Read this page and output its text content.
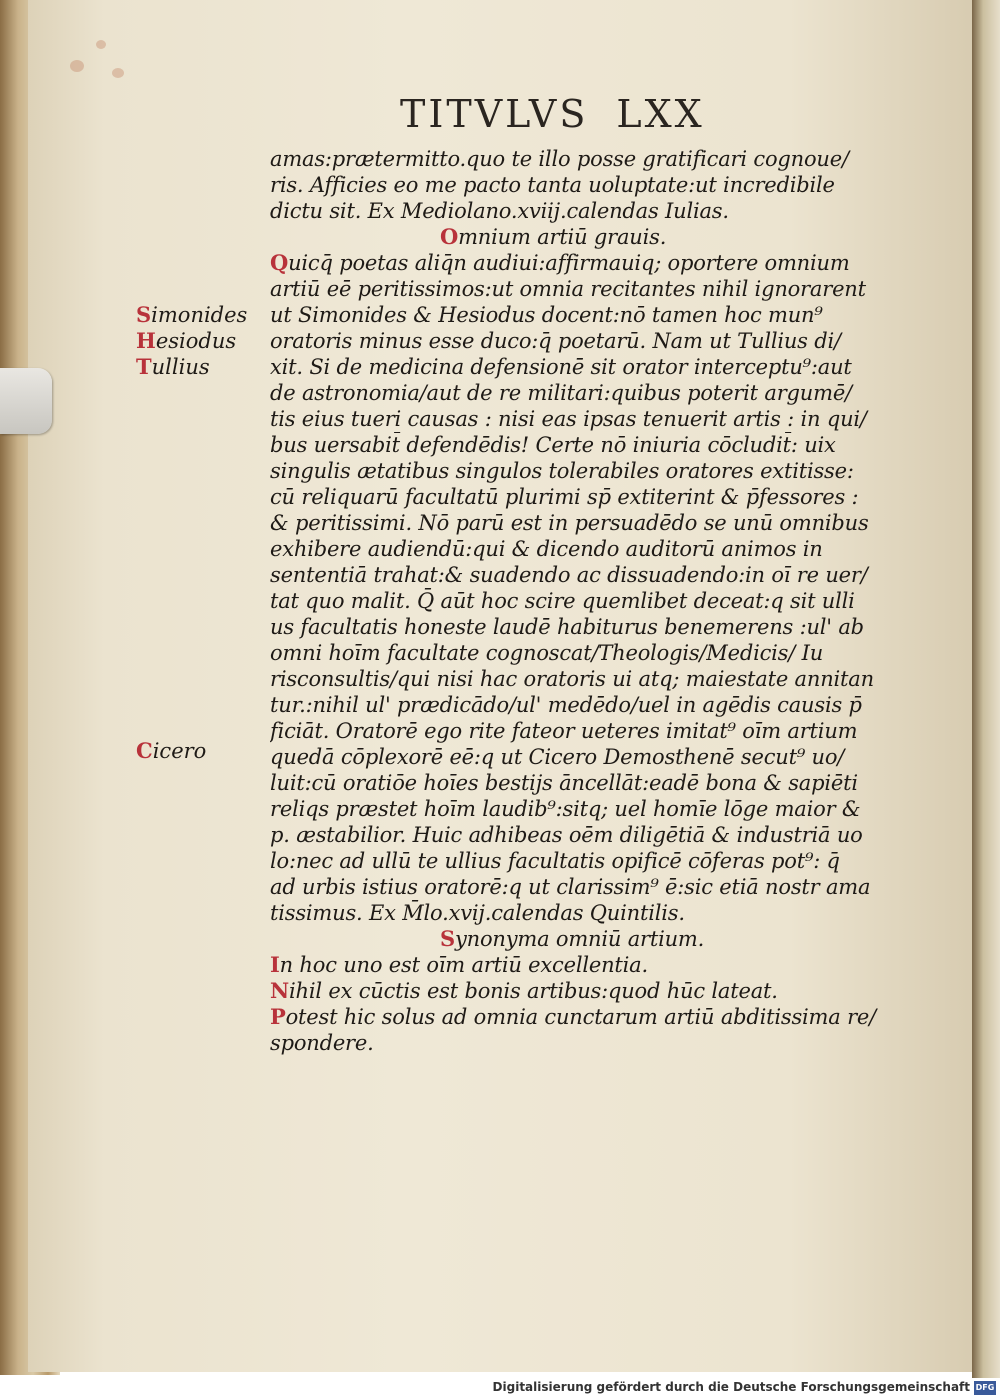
TITVLVS LXX
Simonides
Hesiodus
Tullius
Cicero
amas:prætermitto.quo te illo posse gratificari cognoue/
ris. Afficies eo me pacto tanta uoluptate:ut incredibile
dictu sit. Ex Mediolano.xviij.calendas Iulias.
Omnium artiū grauis.
Quicq̄ poetas aliq̄n audiui:affirmauiq; oportere omnium
artiū eē peritissimos:ut omnia recitantes nihil ignorarent
ut Simonides & Hesiodus docent:nō tamen hoc mun⁹
oratoris minus esse duco:q̄ poetarū. Nam ut Tullius di/
xit. Si de medicina defensionē sit orator interceptu⁹:aut
de astronomia/aut de re militari:quibus poterit argumē/
tis eius tueri causas : nisi eas ipsas tenuerit artis : in qui/
bus uersabit̄ defendēdis! Certe nō iniuria cōcludit̄: uix
singulis ætatibus singulos tolerabiles oratores extitisse:
cū reliquarū facultatū plurimi sp̄ extiterint & p̄fessores :
& peritissimi. Nō parū est in persuadēdo se unū omnibus
exhibere audiendū:qui & dicendo auditorū animos in
sententiā trahat:& suadendo ac dissuadendo:in oī re uer/
tat quo malit. Q̄ aūt hoc scire quemlibet deceat:q sit ulli
us facultatis honeste laudē habiturus benemerens :ul' ab
omni hoīm facultate cognoscat/Theologis/Medicis/ Iu
risconsultis/qui nisi hac oratoris ui atq; maiestate annitan
tur.:nihil ul' prædicādo/ul' medēdo/uel in agēdis causis p̄
ficiāt. Oratorē ego rite fateor ueteres imitat⁹ oīm artium
quedā cōplexorē eē:q ut Cicero Demosthenē secut⁹ uo/
luit:cū oratiōe hoīes bestijs āncellāt:eadē bona & sapiēti
reliqs præstet hoīm laudib⁹:sitq; uel homīe lōge maior &
p. æstabilior. Huic adhibeas oēm diligētiā & industriā uo
lo:nec ad ullū te ullius facultatis opificē cōferas pot⁹: q̄
ad urbis istius oratorē:q ut clarissim⁹ ē:sic etiā nostr ama
tissimus. Ex M̄lo.xvij.calendas Quintilis.
Synonyma omniū artium.
In hoc uno est oīm artiū excellentia.
Nihil ex cūctis est bonis artibus:quod hūc lateat.
Potest hic solus ad omnia cunctarum artiū abditissima re/
spondere.
Digitalisierung gefördert durch die Deutsche Forschungsgemeinschaft DFG
